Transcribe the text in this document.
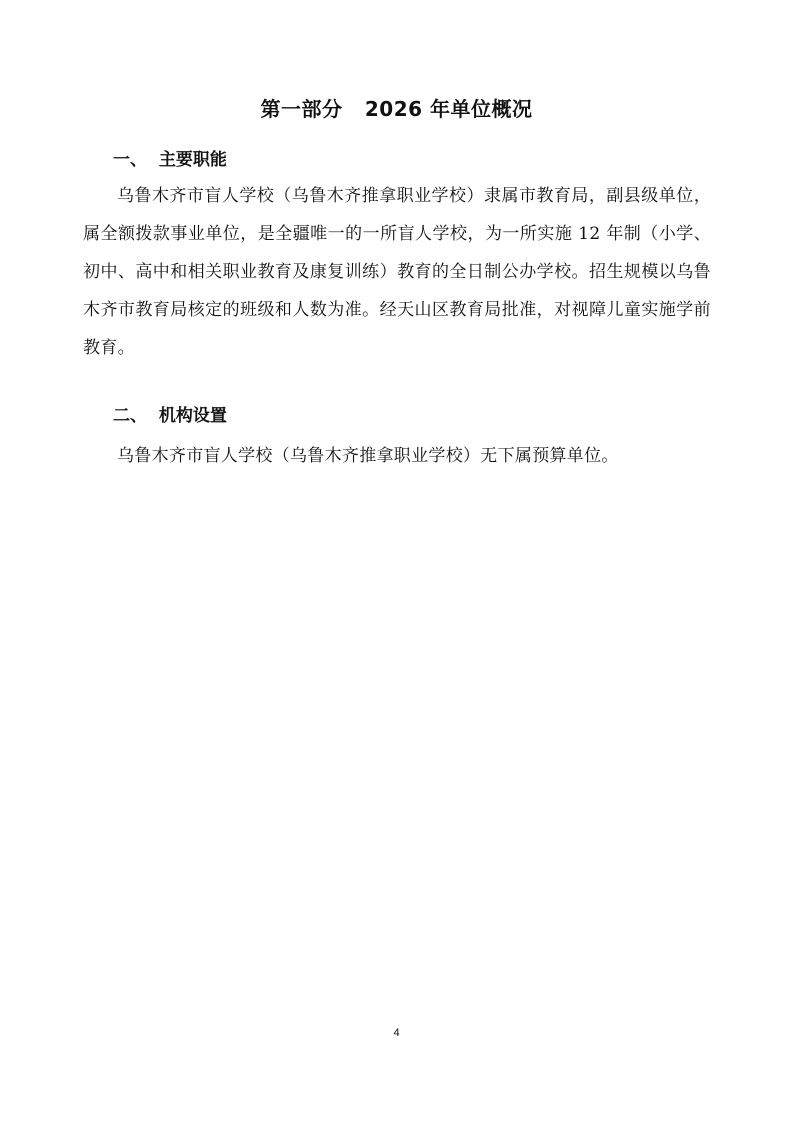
第一部分   2026 年单位概况
一、  主要职能
乌鲁木齐市盲人学校（乌鲁木齐推拿职业学校）隶属市教育局，副县级单位，属全额拨款事业单位，是全疆唯一的一所盲人学校，为一所实施 12 年制（小学、初中、高中和相关职业教育及康复训练）教育的全日制公办学校。招生规模以乌鲁木齐市教育局核定的班级和人数为准。经天山区教育局批准，对视障儿童实施学前教育。
二、  机构设置
乌鲁木齐市盲人学校（乌鲁木齐推拿职业学校）无下属预算单位。
4
